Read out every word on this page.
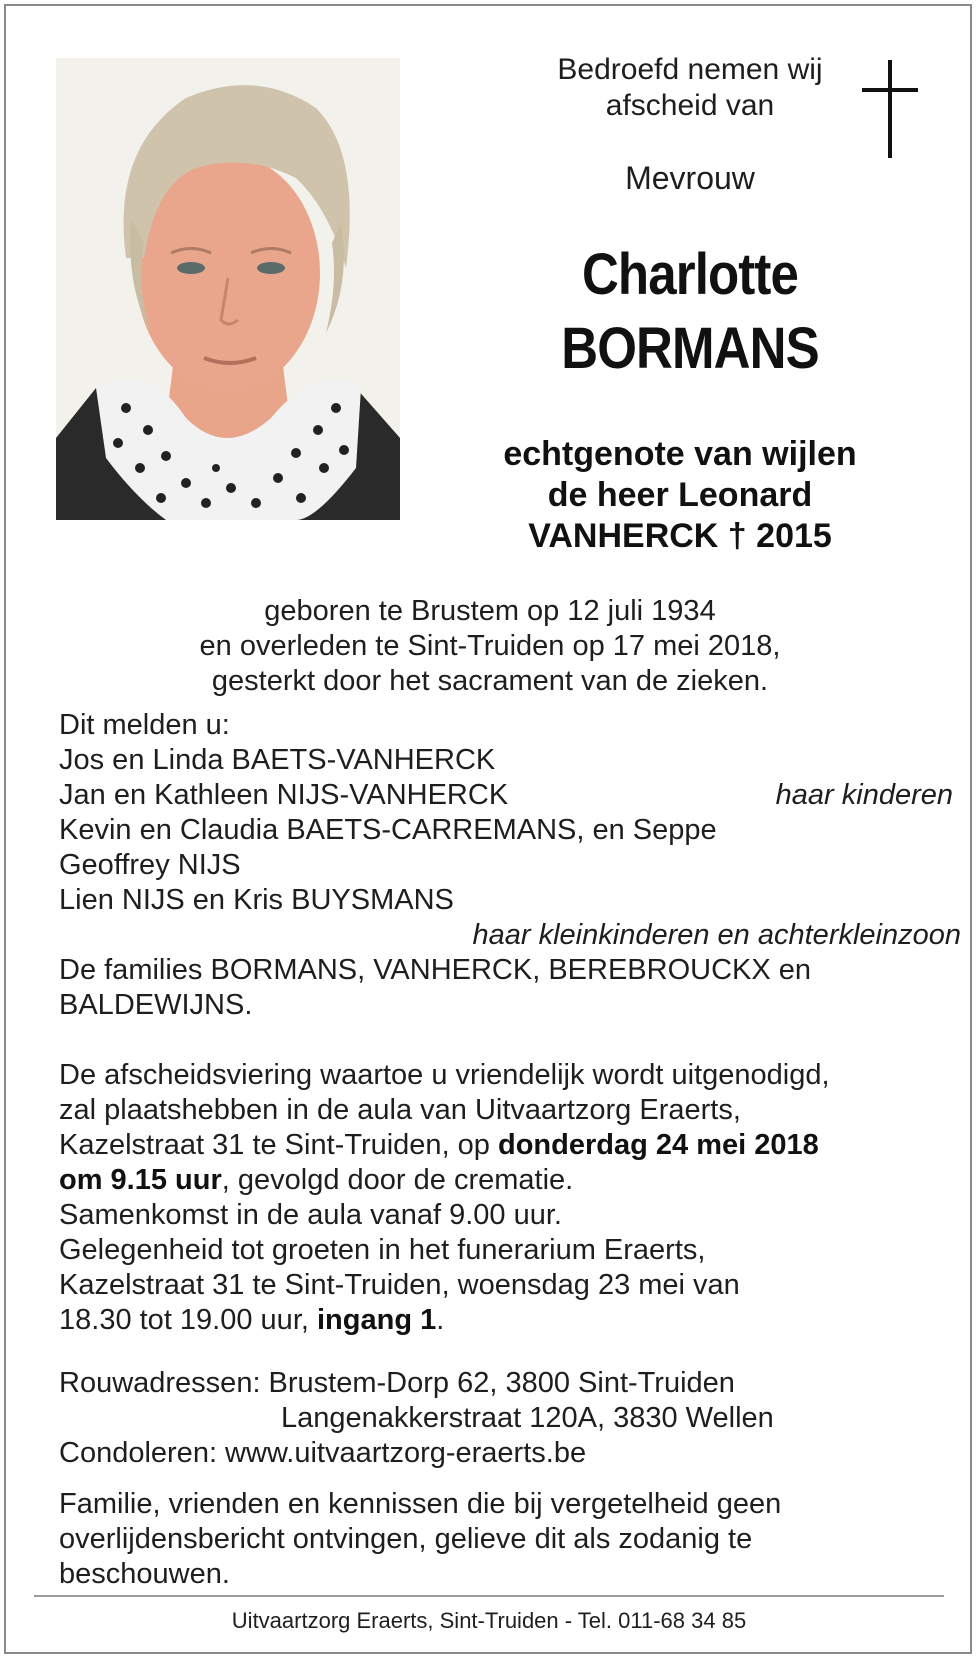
Bedroefd nemen wij
afscheid van
Mevrouw
Charlotte
BORMANS
echtgenote van wijlen
de heer Leonard
VANHERCK † 2015
geboren te Brustem op 12 juli 1934
en overleden te Sint-Truiden op 17 mei 2018,
gesterkt door het sacrament van de zieken.
Dit melden u:
Jos en Linda BAETS-VANHERCK
Jan en Kathleen NIJS-VANHERCK	haar kinderen
Kevin en Claudia BAETS-CARREMANS, en Seppe
Geoffrey NIJS
Lien NIJS en Kris BUYSMANS
haar kleinkinderen en achterkleinzoon
De families BORMANS, VANHERCK, BEREBROUCKX en
BALDEWIJNS.
De afscheidsviering waartoe u vriendelijk wordt uitgenodigd,
zal plaatshebben in de aula van Uitvaartzorg Eraerts,
Kazelstraat 31 te Sint-Truiden, op donderdag 24 mei 2018
om 9.15 uur, gevolgd door de crematie.
Samenkomst in de aula vanaf 9.00 uur.
Gelegenheid tot groeten in het funerarium Eraerts,
Kazelstraat 31 te Sint-Truiden, woensdag 23 mei van
18.30 tot 19.00 uur, ingang 1.
Rouwadressen: Brustem-Dorp 62, 3800 Sint-Truiden
Langenakkerstraat 120A, 3830 Wellen
Condoleren: www.uitvaartzorg-eraerts.be
Familie, vrienden en kennissen die bij vergetelheid geen
overlijdensbericht ontvingen, gelieve dit als zodanig te
beschouwen.
Uitvaartzorg Eraerts, Sint-Truiden - Tel. 011-68 34 85
